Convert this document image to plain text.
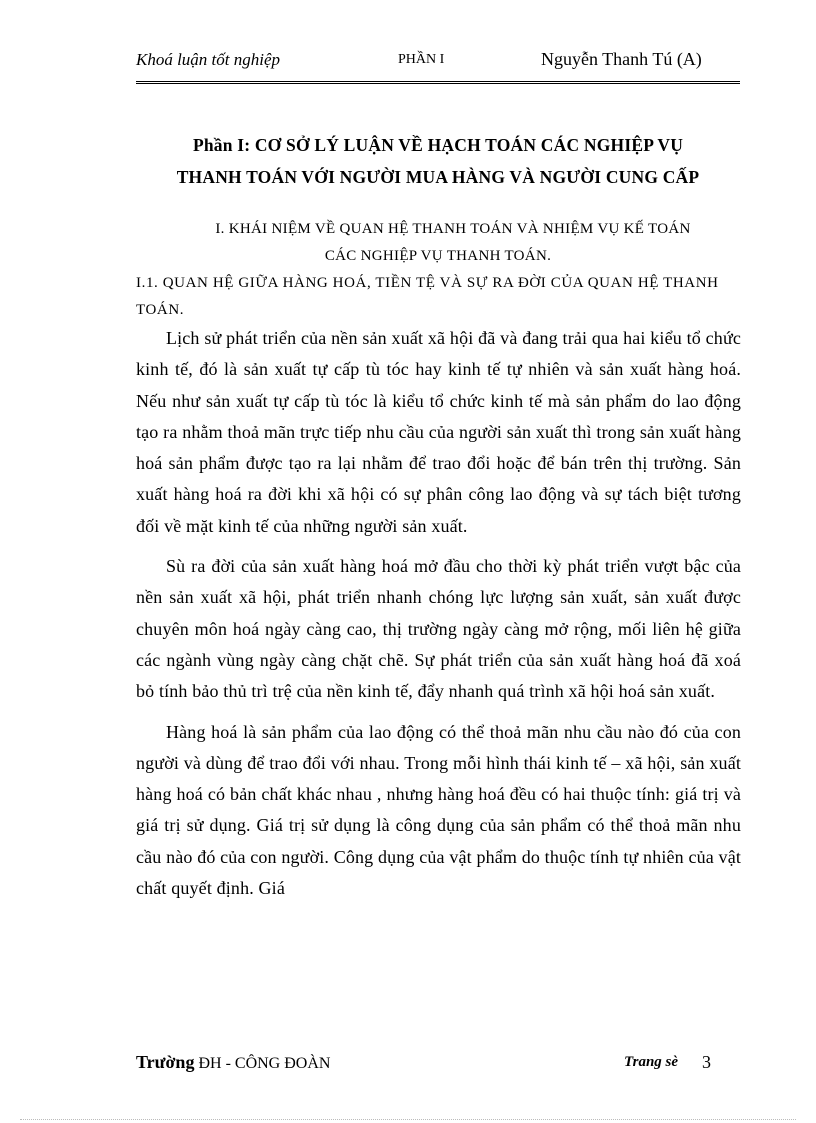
Khoá luận tốt nghiệp	PHẦN I	Nguyễn Thanh Tú (A)
Phần I: CƠ SỞ LÝ LUẬN VỀ HẠCH TOÁN CÁC NGHIỆP VỤ
THANH TOÁN VỚI NGƯỜI MUA HÀNG VÀ NGƯỜI CUNG CẤP
I. KHÁI NIỆM VỀ QUAN HỆ THANH TOÁN VÀ NHIỆM VỤ KẾ TOÁN
CÁC NGHIỆP VỤ THANH TOÁN.
I.1. QUAN HỆ GIỮA HÀNG HOÁ, TIỀN TỆ VÀ SỰ RA ĐỜI CỦA QUAN HỆ THANH TOÁN.

Lịch sử phát triển của nền sản xuất xã hội đã và đang trải qua hai kiểu tổ chức kinh tế, đó là sản xuất tự cấp tù tóc hay kinh tế tự nhiên và sản xuất hàng hoá. Nếu như sản xuất tự cấp tù tóc là kiểu tổ chức kinh tế mà sản phẩm do lao động tạo ra nhằm thoả mãn trực tiếp nhu cầu của người sản xuất thì trong sản xuất hàng hoá sản phẩm được tạo ra lại nhằm để trao đổi hoặc để bán trên thị trường. Sản xuất hàng hoá ra đời khi xã hội có sự phân công lao động và sự tách biệt tương đối về mặt kinh tế của những người sản xuất.

Sù ra đời của sản xuất hàng hoá mở đầu cho thời kỳ phát triển vượt bậc của nền sản xuất xã hội, phát triển nhanh chóng lực lượng sản xuất, sản xuất được chuyên môn hoá ngày càng cao, thị trường ngày càng mở rộng, mối liên hệ giữa các ngành vùng ngày càng chặt chẽ. Sự phát triển của sản xuất hàng hoá đã xoá bỏ tính bảo thủ trì trệ của nền kinh tế, đẩy nhanh quá trình xã hội hoá sản xuất.

Hàng hoá là sản phẩm của lao động có thể thoả mãn nhu cầu nào đó của con người và dùng để trao đổi với nhau. Trong mỗi hình thái kinh tế – xã hội, sản xuất hàng hoá có bản chất khác nhau , nhưng hàng hoá đều có hai thuộc tính: giá trị và giá trị sử dụng. Giá trị sử dụng là công dụng của sản phẩm có thể thoả mãn nhu cầu nào đó của con người. Công dụng của vật phẩm do thuộc tính tự nhiên của vật chất quyết định. Giá

Trường ĐH - CÔNG ĐOÀN	Trang sè 3
